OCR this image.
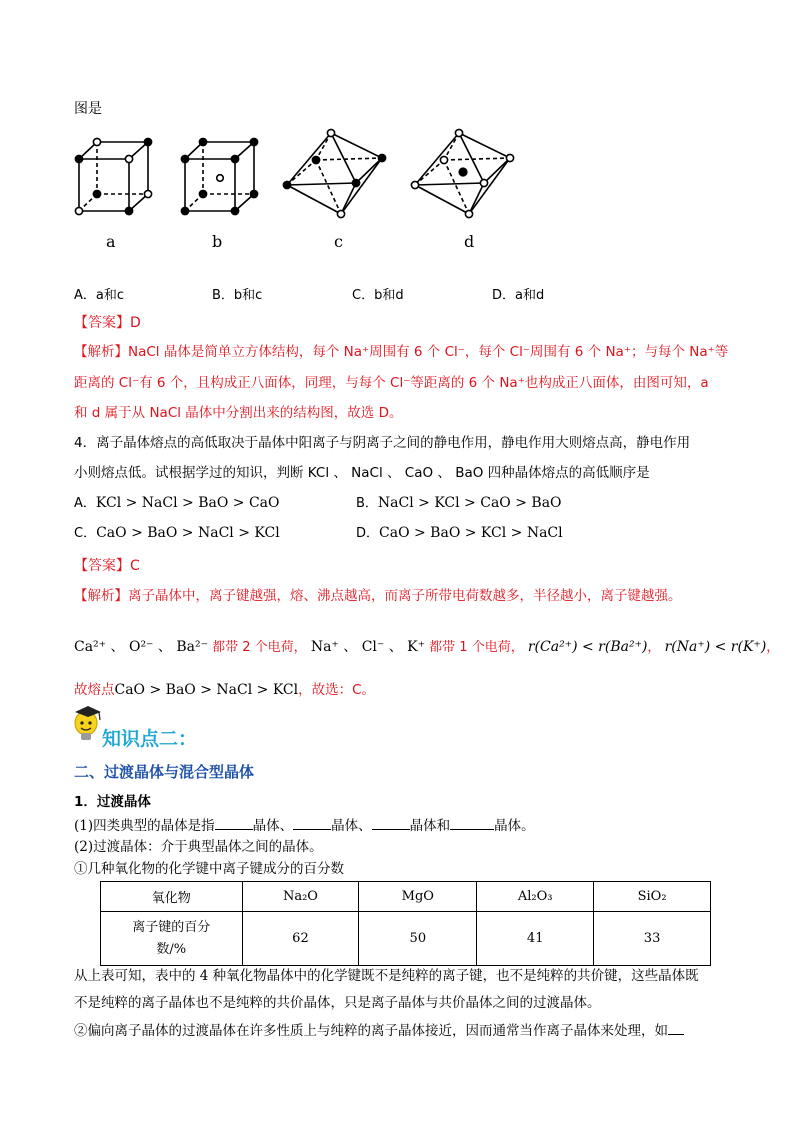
图是
a	b	c	d
A．a和c	B．b和c	C．b和d	D．a和d
【答案】D
【解析】NaCl 晶体是简单立方体结构，每个 Na⁺周围有 6 个 Cl⁻，每个 Cl⁻周围有 6 个 Na⁺；与每个 Na⁺等
距离的 Cl⁻有 6 个，且构成正八面体，同理，与每个 Cl⁻等距离的 6 个 Na⁺也构成正八面体，由图可知，a
和 d 属于从 NaCl 晶体中分割出来的结构图，故选 D。
4．离子晶体熔点的高低取决于晶体中阳离子与阴离子之间的静电作用，静电作用大则熔点高，静电作用
小则熔点低。试根据学过的知识，判断 KCl 、 NaCl 、 CaO 、 BaO 四种晶体熔点的高低顺序是
A．KCl > NaCl > BaO > CaO	B．NaCl > KCl > CaO > BaO
C．CaO > BaO > NaCl > KCl	D．CaO > BaO > KCl > NaCl
【答案】C
【解析】离子晶体中，离子键越强，熔、沸点越高，而离子所带电荷数越多，半径越小，离子键越强。
Ca²⁺ 、 O²⁻ 、 Ba²⁻ 都带 2 个电荷， Na⁺ 、 Cl⁻ 、 K⁺ 都带 1 个电荷， r(Ca²⁺) < r(Ba²⁺)， r(Na⁺) < r(K⁺)，
故熔点CaO > BaO > NaCl > KCl，故选：C。
知识点二：
二、过渡晶体与混合型晶体
1．过渡晶体
(1)四类典型的晶体是指	晶体、	晶体、	晶体和	晶体。
(2)过渡晶体：介于典型晶体之间的晶体。
①几种氧化物的化学键中离子键成分的百分数
氧化物	Na₂O	MgO	Al₂O₃	SiO₂

离子键的百分
数/%	62	50	41	33
从上表可知，表中的 4 种氧化物晶体中的化学键既不是纯粹的离子键，也不是纯粹的共价键，这些晶体既
不是纯粹的离子晶体也不是纯粹的共价晶体，只是离子晶体与共价晶体之间的过渡晶体。
②偏向离子晶体的过渡晶体在许多性质上与纯粹的离子晶体接近，因而通常当作离子晶体来处理，如
